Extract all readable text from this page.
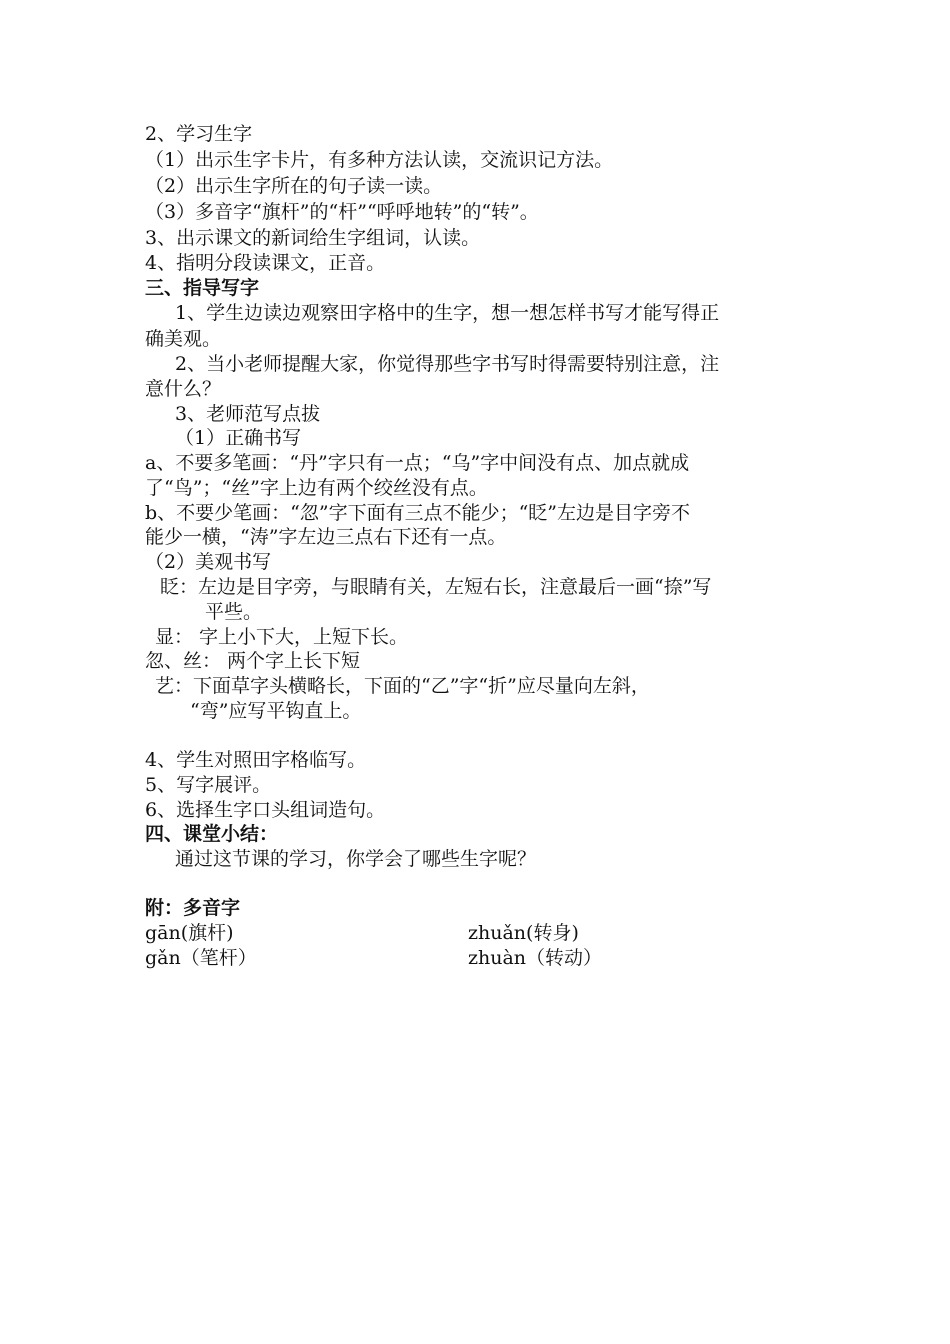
2、学习生字
（1）出示生字卡片，有多种方法认读，交流识记方法。
（2）出示生字所在的句子读一读。
（3）多音字“旗杆”的“杆”“呼呼地转”的“转”。
3、出示课文的新词给生字组词，认读。
4、指明分段读课文，正音。
三、指导写字
1、学生边读边观察田字格中的生字，想一想怎样书写才能写得正
确美观。
2、当小老师提醒大家，你觉得那些字书写时得需要特别注意，注
意什么？
3、老师范写点拔
（1）正确书写
a、不要多笔画：“丹”字只有一点；“乌”字中间没有点、加点就成
了“鸟”；“丝”字上边有两个绞丝没有点。
b、不要少笔画：“忽”字下面有三点不能少；“眨”左边是目字旁不
能少一横，“涛”字左边三点右下还有一点。
（2）美观书写
眨：左边是目字旁，与眼睛有关，左短右长，注意最后一画“捺”写
平些。
显： 字上小下大，上短下长。
忽、丝： 两个字上长下短
艺：下面草字头横略长，下面的“乙”字“折”应尽量向左斜，
“弯”应写平钩直上。
4、学生对照田字格临写。
5、写字展评。
6、选择生字口头组词造句。
四、课堂小结：
通过这节课的学习，你学会了哪些生字呢？
附：多音字
gān(旗杆)	zhuǎn(转身)
gǎn（笔杆）	zhuàn（转动）
